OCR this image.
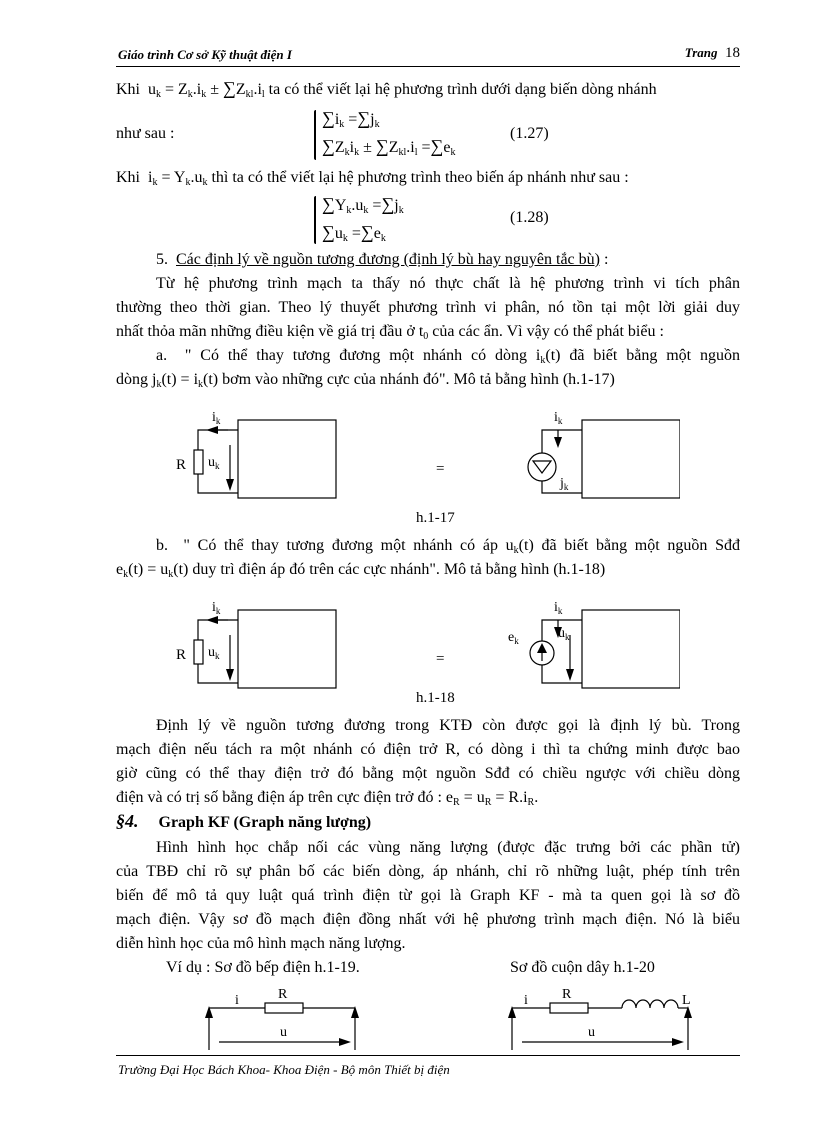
Giáo trình Cơ sở Kỹ thuật điện I	Trang 18
Khi $u_k = Z_k.i_k \pm \sum Z_{kl}.i_l$ ta có thể viết lại hệ phương trình dưới dạng biến dòng nhánh
như sau :
$\sum i_k =\sum j_k$
$\sum Z_ki_k \pm \sum Z_{kl}.i_l =\sum e_k$
(1.27)
Khi $i_k = Y_k.u_k$ thì ta có thể viết lại hệ phương trình theo biến áp nhánh như sau :
$\sum Y_k.u_k =\sum j_k$
$\sum u_k =\sum e_k$
(1.28)
5. Các định lý về nguồn tương đương (định lý bù hay nguyên tắc bù) :
Từ hệ phương trình mạch ta thấy nó thực chất là hệ phương trình vi tích phân
thường theo thời gian. Theo lý thuyết phương trình vi phân, nó tồn tại một lời giải duy
nhất thỏa mãn những điều kiện về giá trị đầu ở $t_0$ của các ẩn. Vì vậy có thể phát biểu :
a.  " Có thể thay tương đương một nhánh có dòng $i_k(t)$ đã biết bằng một nguồn
dòng $j_k(t) = i_k(t)$ bơm vào những cực của nhánh đó". Mô tả bằng hình (h.1-17)
$i_k$
$u_k$
R	=
$i_k$
$j_k$
h.1-17
b.  " Có thể thay tương đương một nhánh có áp $u_k(t)$ đã biết bằng một nguồn Sđđ
$e_k(t) = u_k(t)$ duy trì điện áp đó trên các cực nhánh". Mô tả bằng hình (h.1-18)
$i_k$
$u_k$
R	=
$i_k$
$u_k$
$e_k$
h.1-18
Định lý về nguồn tương đương trong KTĐ còn được gọi là định lý bù. Trong
mạch điện nếu tách ra một nhánh có điện trở R, có dòng i thì ta chứng minh được bao
giờ cũng có thể thay điện trở đó bằng một nguồn Sđđ có chiều ngược với chiều dòng
điện và có trị số bằng điện áp trên cực điện trở đó : $e_R = u_R = R.i_R$.
§4. Graph KF (Graph năng lượng)
Hình hình học chắp nối các vùng năng lượng (được đặc trưng bởi các phần tử)
của TBĐ chỉ rõ sự phân bố các biến dòng, áp nhánh, chỉ rõ những luật, phép tính trên
biến để mô tả quy luật quá trình điện từ gọi là Graph KF - mà ta quen gọi là sơ đồ
mạch điện. Vậy sơ đồ mạch điện đồng nhất với hệ phương trình mạch điện. Nó là biểu
diễn hình học của mô hình mạch năng lượng.
Ví dụ : Sơ đồ bếp điện h.1-19.	Sơ đồ cuộn dây h.1-20
i	R
u
i R	L
u
Trường Đại Học Bách Khoa- Khoa Điện - Bộ môn Thiết bị điện
